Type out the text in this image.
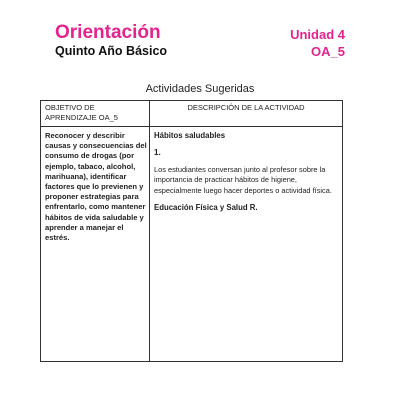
Orientación
Quinto Año Básico
Unidad 4
OA_5
Actividades Sugeridas
OBJETIVO DE APRENDIZAJE OA_5
DESCRIPCIÓN DE LA ACTIVIDAD
Reconocer y describir causas y consecuencias del consumo de drogas (por ejemplo, tabaco, alcohol, marihuana), identificar factores que lo previenen y proponer estrategias para enfrentarlo, como mantener hábitos de vida saludable y aprender a manejar el estrés.
Hábitos saludables
1.
Los estudiantes conversan junto al profesor sobre la importancia de practicar hábitos de higiene, especialmente luego hacer deportes o actividad física.
Educación Física y Salud R.
